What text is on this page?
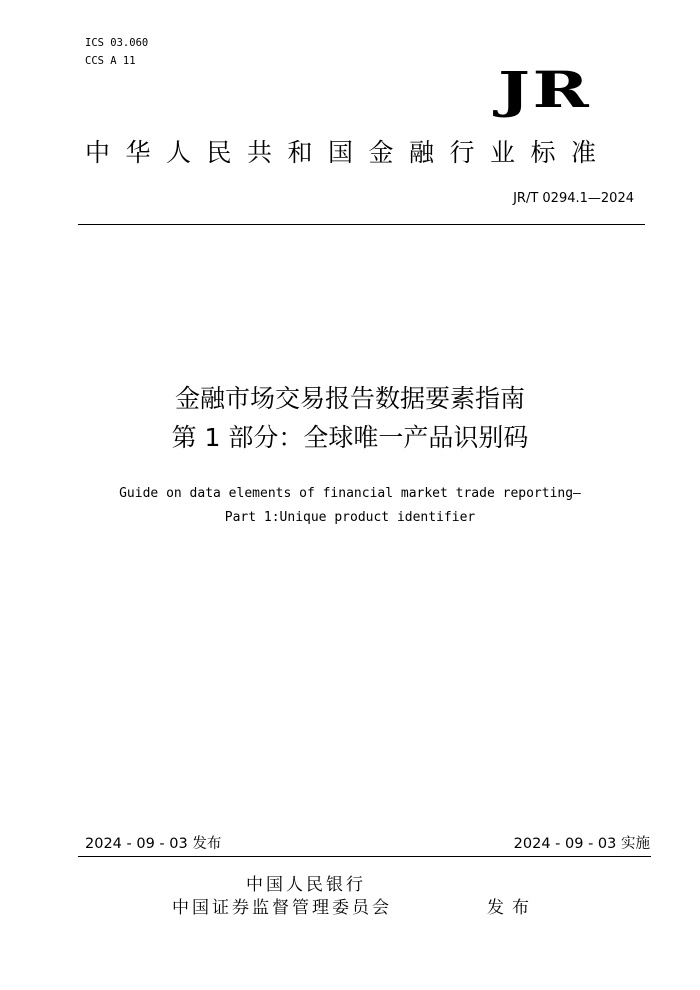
ICS 03.060
CCS A 11	JR
中华人民共和国金融行业标准
JR/T 0294.1—2024
金融市场交易报告数据要素指南
第 1 部分：全球唯一产品识别码
Guide on data elements of financial market trade reporting—
Part 1:Unique product identifier
2024 - 09 - 03 发布	2024 - 09 - 03 实施
中国人民银行
中国证券监督管理委员会	发布
